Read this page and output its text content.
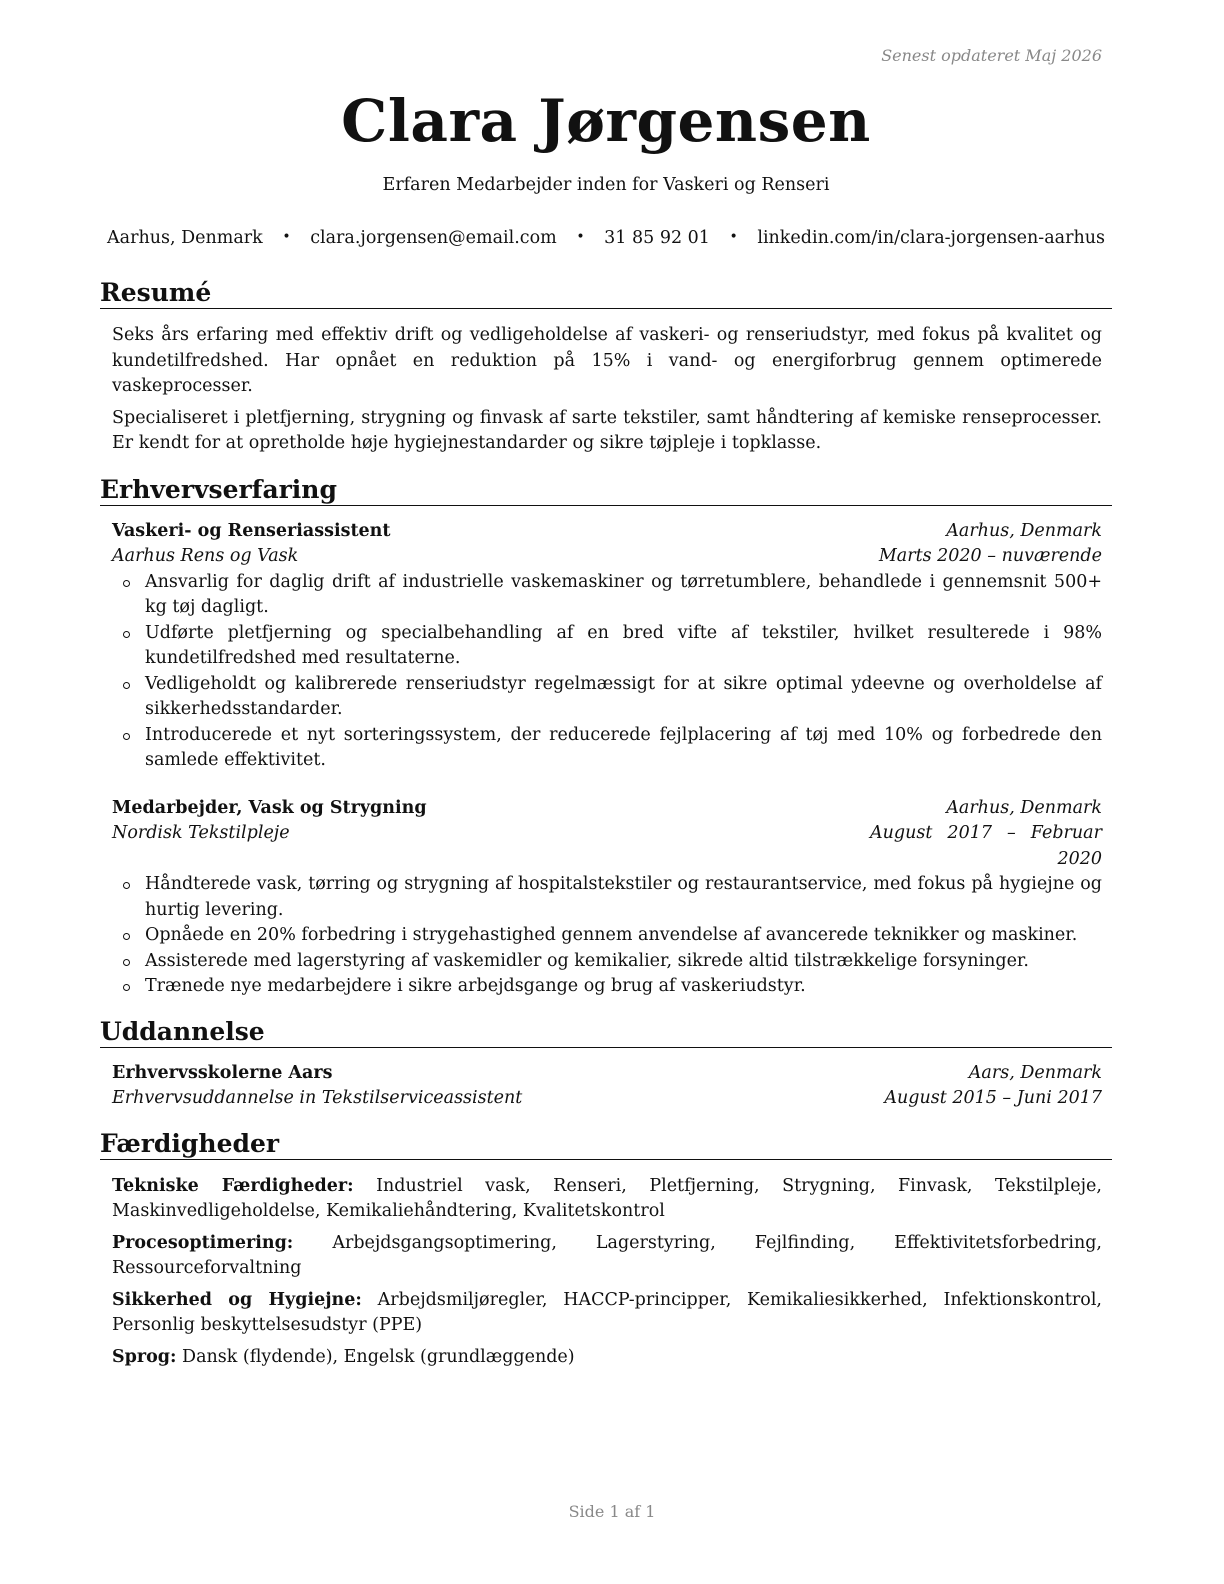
Senest opdateret Maj 2026
Clara Jørgensen
Erfaren Medarbejder inden for Vaskeri og Renseri
Aarhus, Denmark • clara.jorgensen@email.com • 31 85 92 01 • linkedin.com/in/clara-jorgensen-aarhus
Resumé

Seks års erfaring med effektiv drift og vedligeholdelse af vaskeri- og renseriudstyr, med fokus på kvalitet og kundetilfredshed. Har opnået en reduktion på 15% i vand- og energiforbrug gennem optimerede vaskeprocesser.

Specialiseret i pletfjerning, strygning og finvask af sarte tekstiler, samt håndtering af kemiske renseprocesser. Er kendt for at opretholde høje hygiejnestandarder og sikre tøjpleje i topklasse.

Erhvervserfaring
Vaskeri- og Renseriassistent	Aarhus, Denmark
Aarhus Rens og Vask	Marts 2020 – nuværende
Ansvarlig for daglig drift af industrielle vaskemaskiner og tørretumblere, behandlede i gennemsnit 500+ kg tøj dagligt.
Udførte pletfjerning og specialbehandling af en bred vifte af tekstiler, hvilket resulterede i 98% kundetilfredshed med resultaterne.
Vedligeholdt og kalibrerede renseriudstyr regelmæssigt for at sikre optimal ydeevne og overholdelse af sikkerhedsstandarder.
Introducerede et nyt sorteringssystem, der reducerede fejlplacering af tøj med 10% og forbedrede den samlede effektivitet.
Medarbejder, Vask og Strygning	Aarhus, Denmark
Nordisk Tekstilpleje	August 2017 – Februar 2020
Håndterede vask, tørring og strygning af hospitalstekstiler og restaurantservice, med fokus på hygiejne og hurtig levering.
Opnåede en 20% forbedring i strygehastighed gennem anvendelse af avancerede teknikker og maskiner.
Assisterede med lagerstyring af vaskemidler og kemikalier, sikrede altid tilstrækkelige forsyninger.
Trænede nye medarbejdere i sikre arbejdsgange og brug af vaskeriudstyr.
Uddannelse
Erhvervsskolerne Aars	Aars, Denmark
Erhvervsuddannelse in Tekstilserviceassistent	August 2015 – Juni 2017
Færdigheder
Tekniske Færdigheder: Industriel vask, Renseri, Pletfjerning, Strygning, Finvask, Tekstilpleje, Maskinvedligeholdelse, Kemikaliehåndtering, Kvalitetskontrol
Procesoptimering: Arbejdsgangsoptimering, Lagerstyring, Fejlfinding, Effektivitetsforbedring, Ressourceforvaltning
Sikkerhed og Hygiejne: Arbejdsmiljøregler, HACCP-principper, Kemikaliesikkerhed, Infektionskontrol, Personlig beskyttelsesudstyr (PPE)
Sprog: Dansk (flydende), Engelsk (grundlæggende)
Side 1 af 1
